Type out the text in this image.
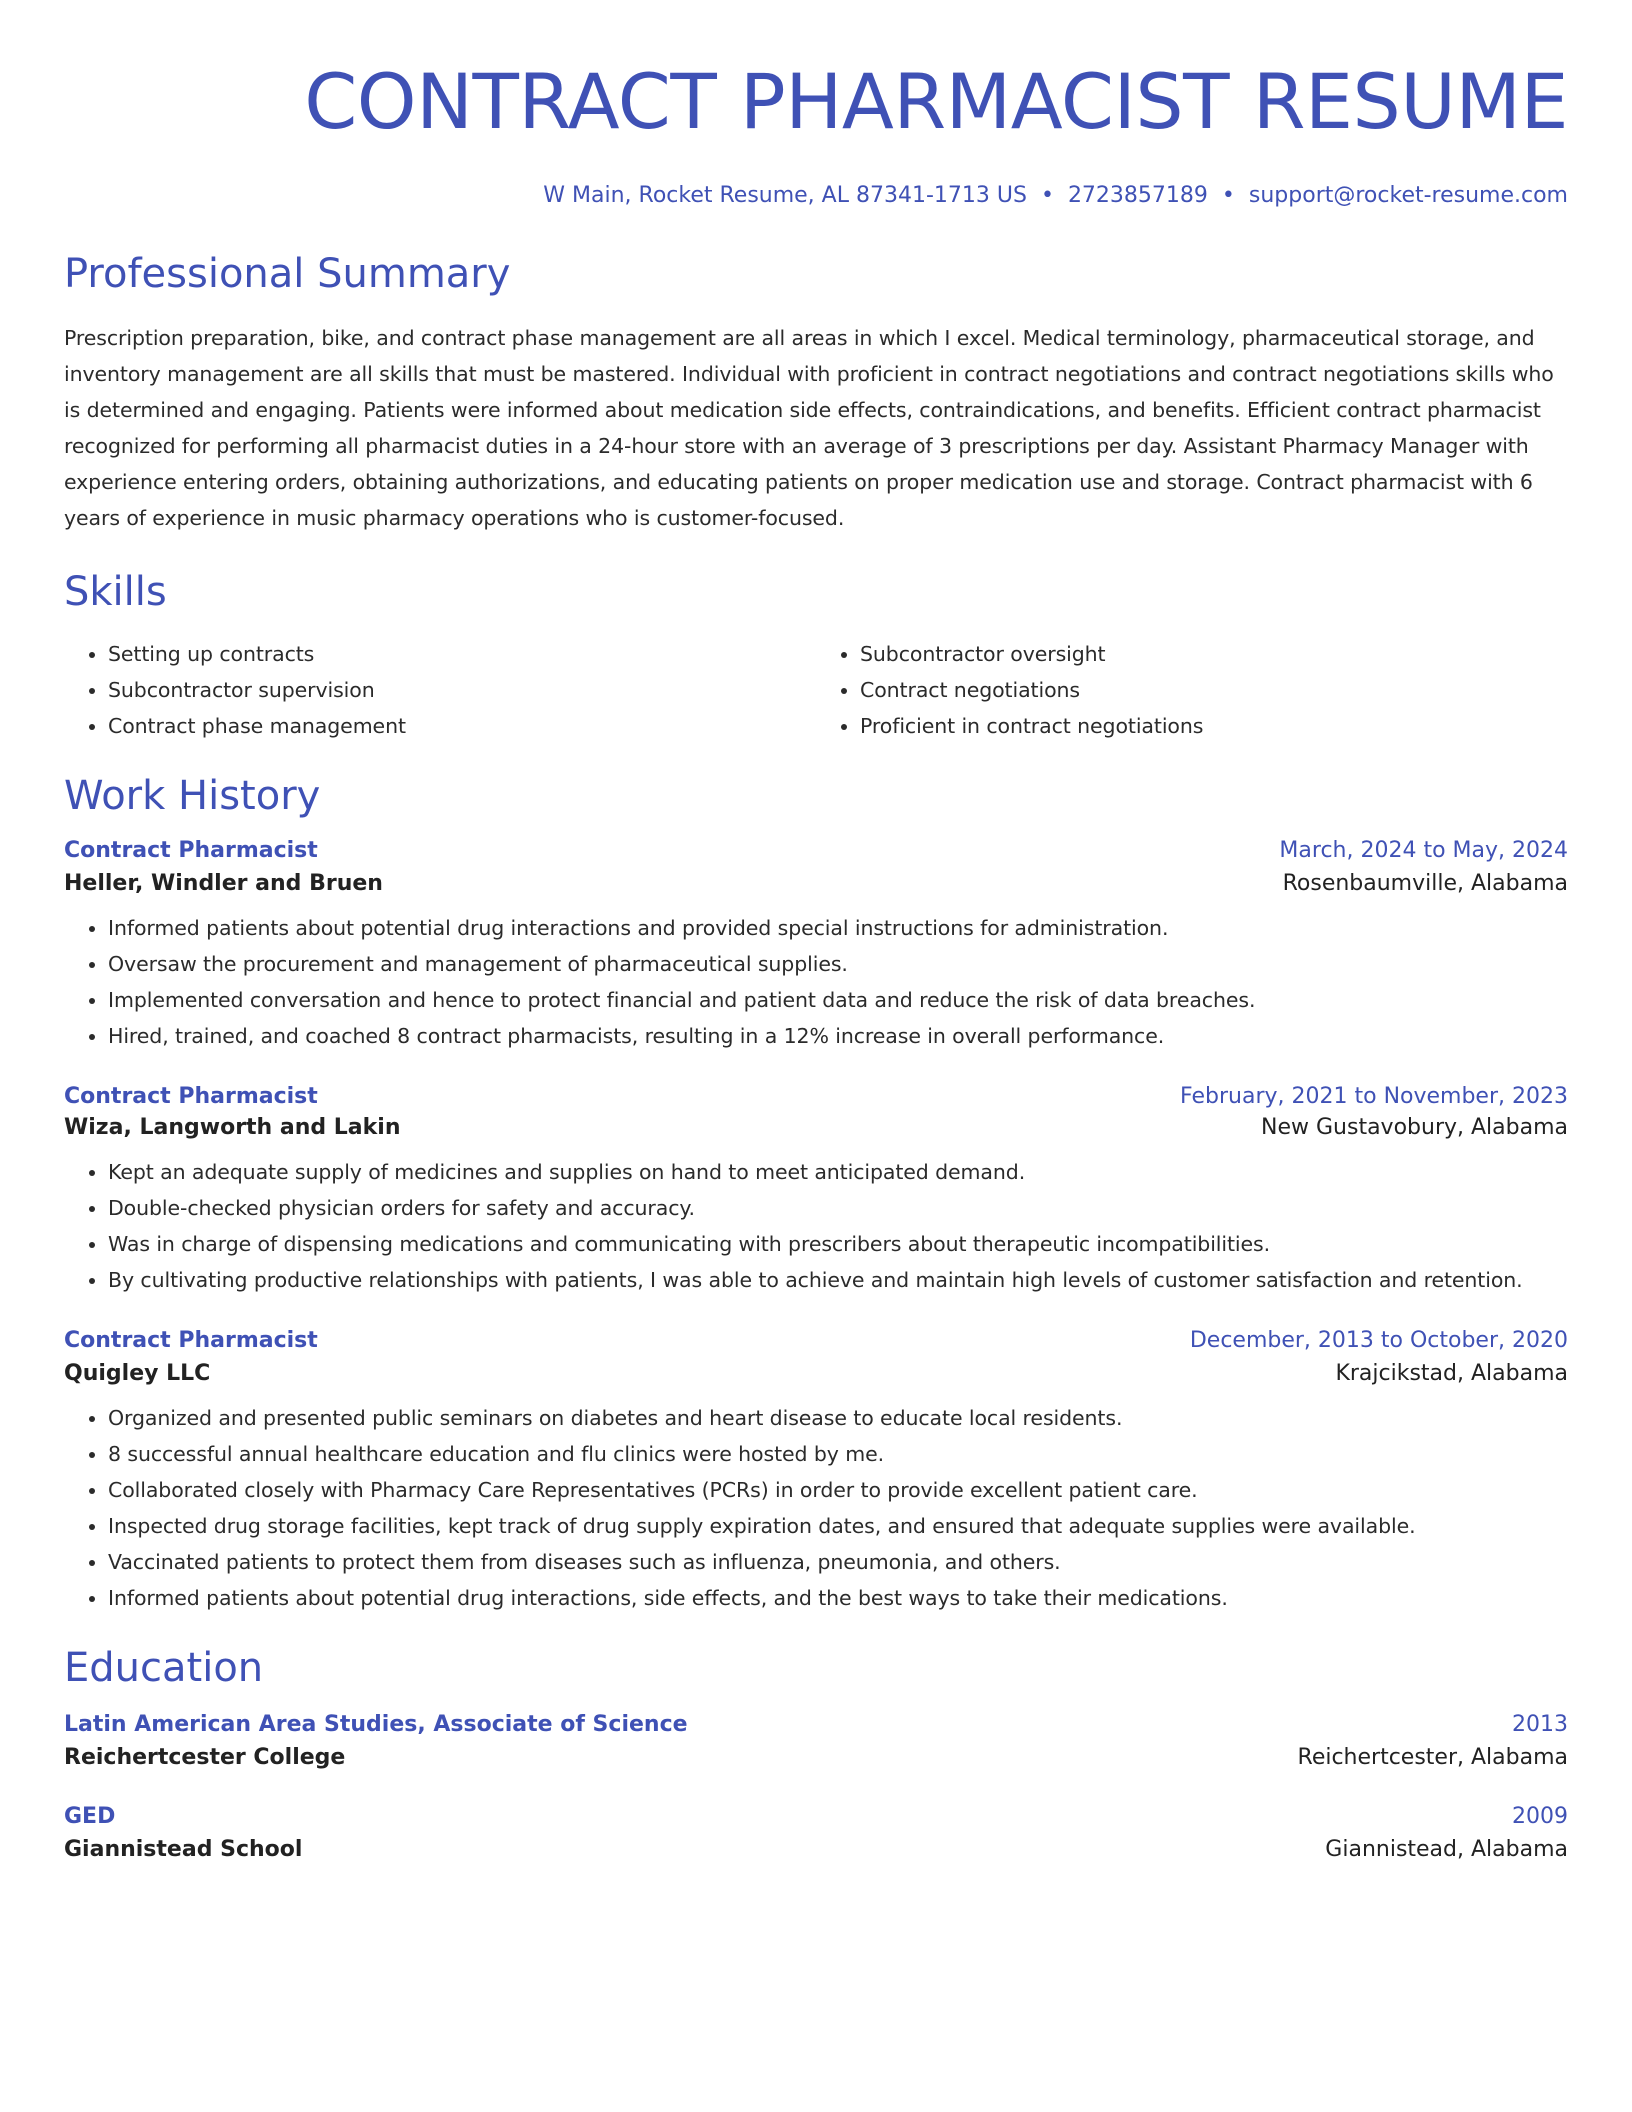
CONTRACT PHARMACIST RESUME
W Main, Rocket Resume, AL 87341-1713 US • 2723857189 • support@rocket-resume.com
Professional Summary

Prescription preparation, bike, and contract phase management are all areas in which I excel. Medical terminology, pharmaceutical storage, and inventory management are all skills that must be mastered. Individual with proficient in contract negotiations and contract negotiations skills who is determined and engaging. Patients were informed about medication side effects, contraindications, and benefits. Efficient contract pharmacist recognized for performing all pharmacist duties in a 24-hour store with an average of 3 prescriptions per day. Assistant Pharmacy Manager with experience entering orders, obtaining authorizations, and educating patients on proper medication use and storage. Contract pharmacist with 6 years of experience in music pharmacy operations who is customer-focused.

Skills
• Setting up contracts
• Subcontractor supervision
• Contract phase management
• Subcontractor oversight
• Contract negotiations
• Proficient in contract negotiations
Work History
Contract Pharmacist	March, 2024 to May, 2024
Heller, Windler and Bruen	Rosenbaumville, Alabama
• Informed patients about potential drug interactions and provided special instructions for administration.
• Oversaw the procurement and management of pharmaceutical supplies.
• Implemented conversation and hence to protect financial and patient data and reduce the risk of data breaches.
• Hired, trained, and coached 8 contract pharmacists, resulting in a 12% increase in overall performance.
Contract Pharmacist	February, 2021 to November, 2023
Wiza, Langworth and Lakin	New Gustavobury, Alabama
• Kept an adequate supply of medicines and supplies on hand to meet anticipated demand.
• Double-checked physician orders for safety and accuracy.
• Was in charge of dispensing medications and communicating with prescribers about therapeutic incompatibilities.
• By cultivating productive relationships with patients, I was able to achieve and maintain high levels of customer satisfaction and retention.
Contract Pharmacist	December, 2013 to October, 2020
Quigley LLC	Krajcikstad, Alabama
• Organized and presented public seminars on diabetes and heart disease to educate local residents.
• 8 successful annual healthcare education and flu clinics were hosted by me.
• Collaborated closely with Pharmacy Care Representatives (PCRs) in order to provide excellent patient care.
• Inspected drug storage facilities, kept track of drug supply expiration dates, and ensured that adequate supplies were available.
• Vaccinated patients to protect them from diseases such as influenza, pneumonia, and others.
• Informed patients about potential drug interactions, side effects, and the best ways to take their medications.
Education
Latin American Area Studies, Associate of Science	2013
Reichertcester College	Reichertcester, Alabama
GED	2009
Giannistead School	Giannistead, Alabama
